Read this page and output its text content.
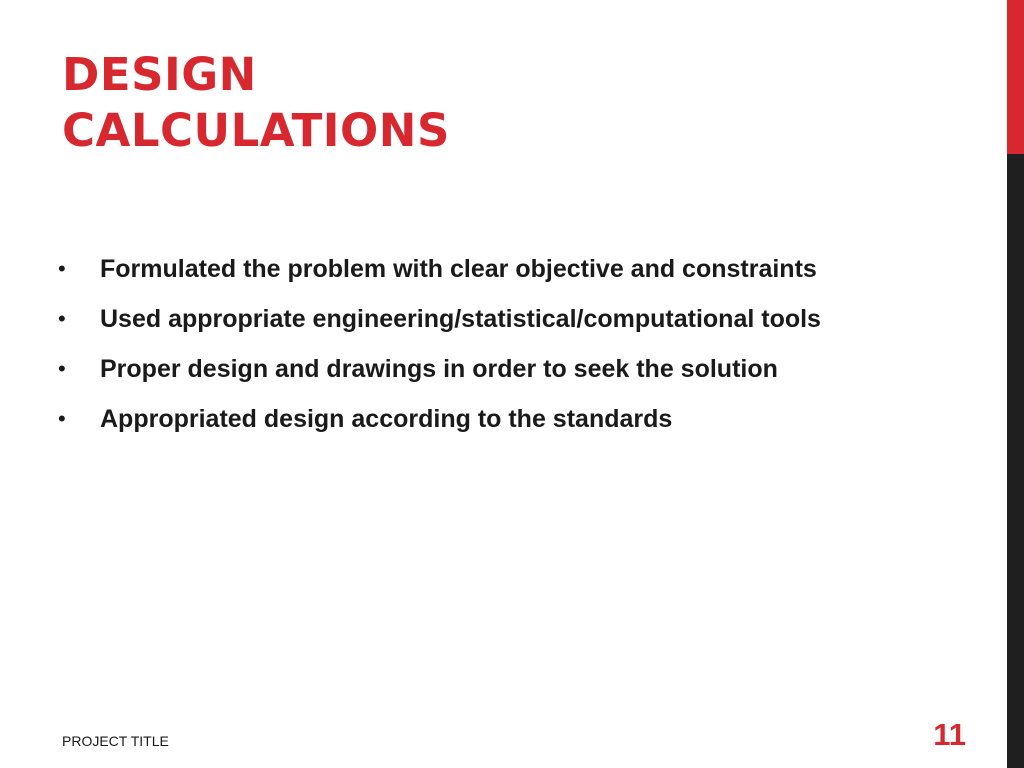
DESIGN
CALCULATIONS
• Formulated the problem with clear objective and constraints
• Used appropriate engineering/statistical/computational tools
• Proper design and drawings in order to seek the solution
• Appropriated design according to the standards
PROJECT TITLE	11
